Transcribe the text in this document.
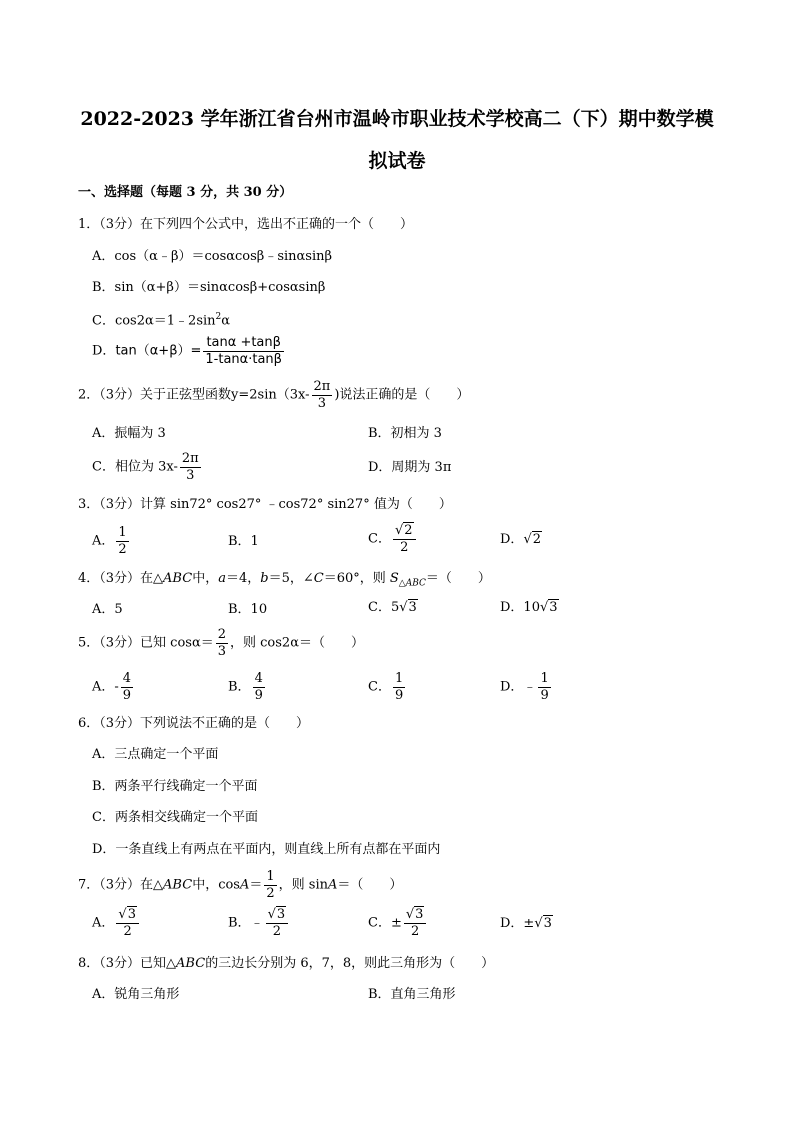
2022-2023 学年浙江省台州市温岭市职业技术学校高二（下）期中数学模
拟试卷
一、选择题（每题 3 分，共 30 分）
1．（3分）在下列四个公式中，选出不正确的一个（　　）
A．cos（α﹣β）＝cosαcosβ﹣sinαsinβ
B．sin（α+β）＝sinαcosβ+cosαsinβ
C．$\cos 2\alpha=1﹣2\sin^2\alpha$
D．$\tan(\alpha+\beta)= \frac{\tan\alpha +\tan\beta}{1-\tan\alpha\cdot\tan\beta}$
2．（3分）关于正弦型函数$y=2\sin(3x- \frac{2\pi}{3}$ )说法正确的是（　　）
A．振幅为 3	B．初相为 3
C．相位为 $3x- \frac{2\pi}{3}$	D．周期为 3π
3．（3分）计算 sin72° cos27° ﹣cos72° sin27° 值为（　　）
A． $\frac{1}{2}$	B．1	C． $\frac{√2}{2}$	D．√2
4．（3分）在△ABC中，a＝4，b＝5，∠C＝60°，则 $S_{\triangle ABC}=$（　　）
A．5	B．10	C．5√3	D．10√3
5．（3分）已知 $\cos\alpha= \frac{2}{3}$ ，则 cos2α＝（　　）
A．- $\frac{4}{9}$	B． $\frac{4}{9}$	C． $\frac{1}{9}$	D．﹣ $\frac{1}{9}$
6．（3分）下列说法不正确的是（　　）
A．三点确定一个平面
B．两条平行线确定一个平面
C．两条相交线确定一个平面
D．一条直线上有两点在平面内，则直线上所有点都在平面内
7．（3分）在△ABC中，$\cos A= \frac{1}{2}$ ，则 sinA＝（　　）
A． $\frac{√3}{2}$	B．﹣ $\frac{√3}{2}$	C．± $\frac{√3}{2}$	D．±√3
8．（3分）已知△ABC的三边长分别为 6，7，8，则此三角形为（　　）
A．锐角三角形	B．直角三角形
